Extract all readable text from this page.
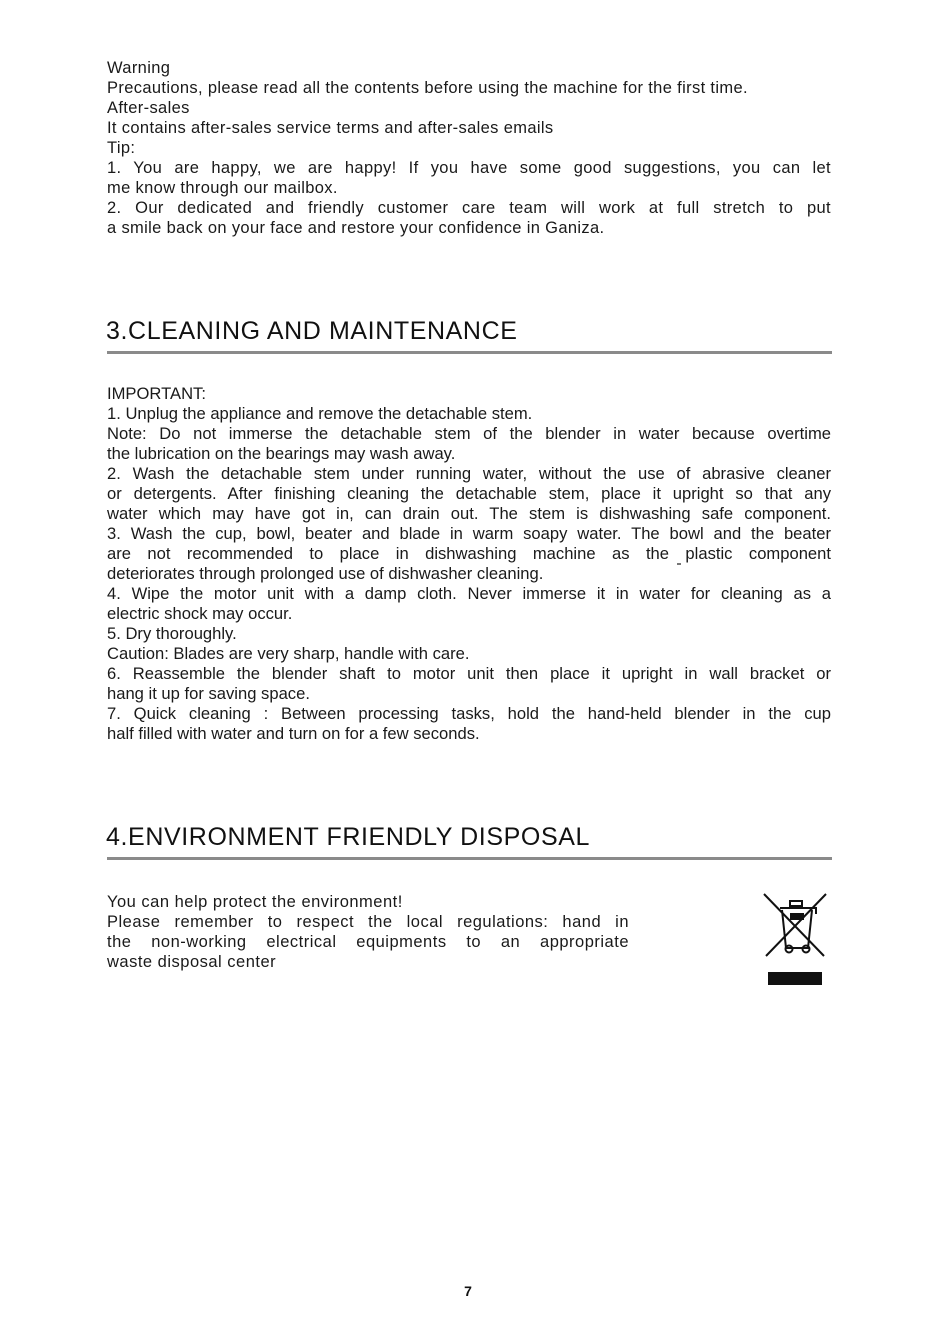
Warning
Precautions, please read all the contents before using the machine for the first time.
After-sales
It contains after-sales service terms and after-sales emails
Tip:
1. You are happy, we are happy! If you have some good suggestions, you can let
me know through our mailbox.
2. Our dedicated and friendly customer care team will work at full stretch to put
a smile back on your face and restore your confidence in Ganiza.
3.CLEANING AND MAINTENANCE
IMPORTANT:
1. Unplug the appliance and remove the detachable stem.
Note: Do not immerse the detachable stem of the blender in water because overtime
the lubrication on the bearings may wash away.
2. Wash the detachable stem under running water, without the use of abrasive cleaner
or detergents. After finishing cleaning the detachable stem, place it upright so that any
water which may have got in, can drain out. The stem is dishwashing safe component.
3. Wash the cup, bowl, beater and blade in warm soapy water. The bowl and the beater
are not recommended to place in dishwashing machine as the plastic component
deteriorates through prolonged use of dishwasher cleaning.
4. Wipe the motor unit with a damp cloth. Never immerse it in water for cleaning as a
electric shock may occur.
5. Dry thoroughly.
Caution: Blades are very sharp, handle with care.
6. Reassemble the blender shaft to motor unit then place it upright in wall bracket or
hang it up for saving space.
7. Quick cleaning : Between processing tasks, hold the hand-held blender in the cup
half filled with water and turn on for a few seconds.
4.ENVIRONMENT FRIENDLY DISPOSAL
You can help protect the environment!
Please remember to respect the local regulations: hand in
the non-working electrical equipments to an appropriate
waste disposal center
7
